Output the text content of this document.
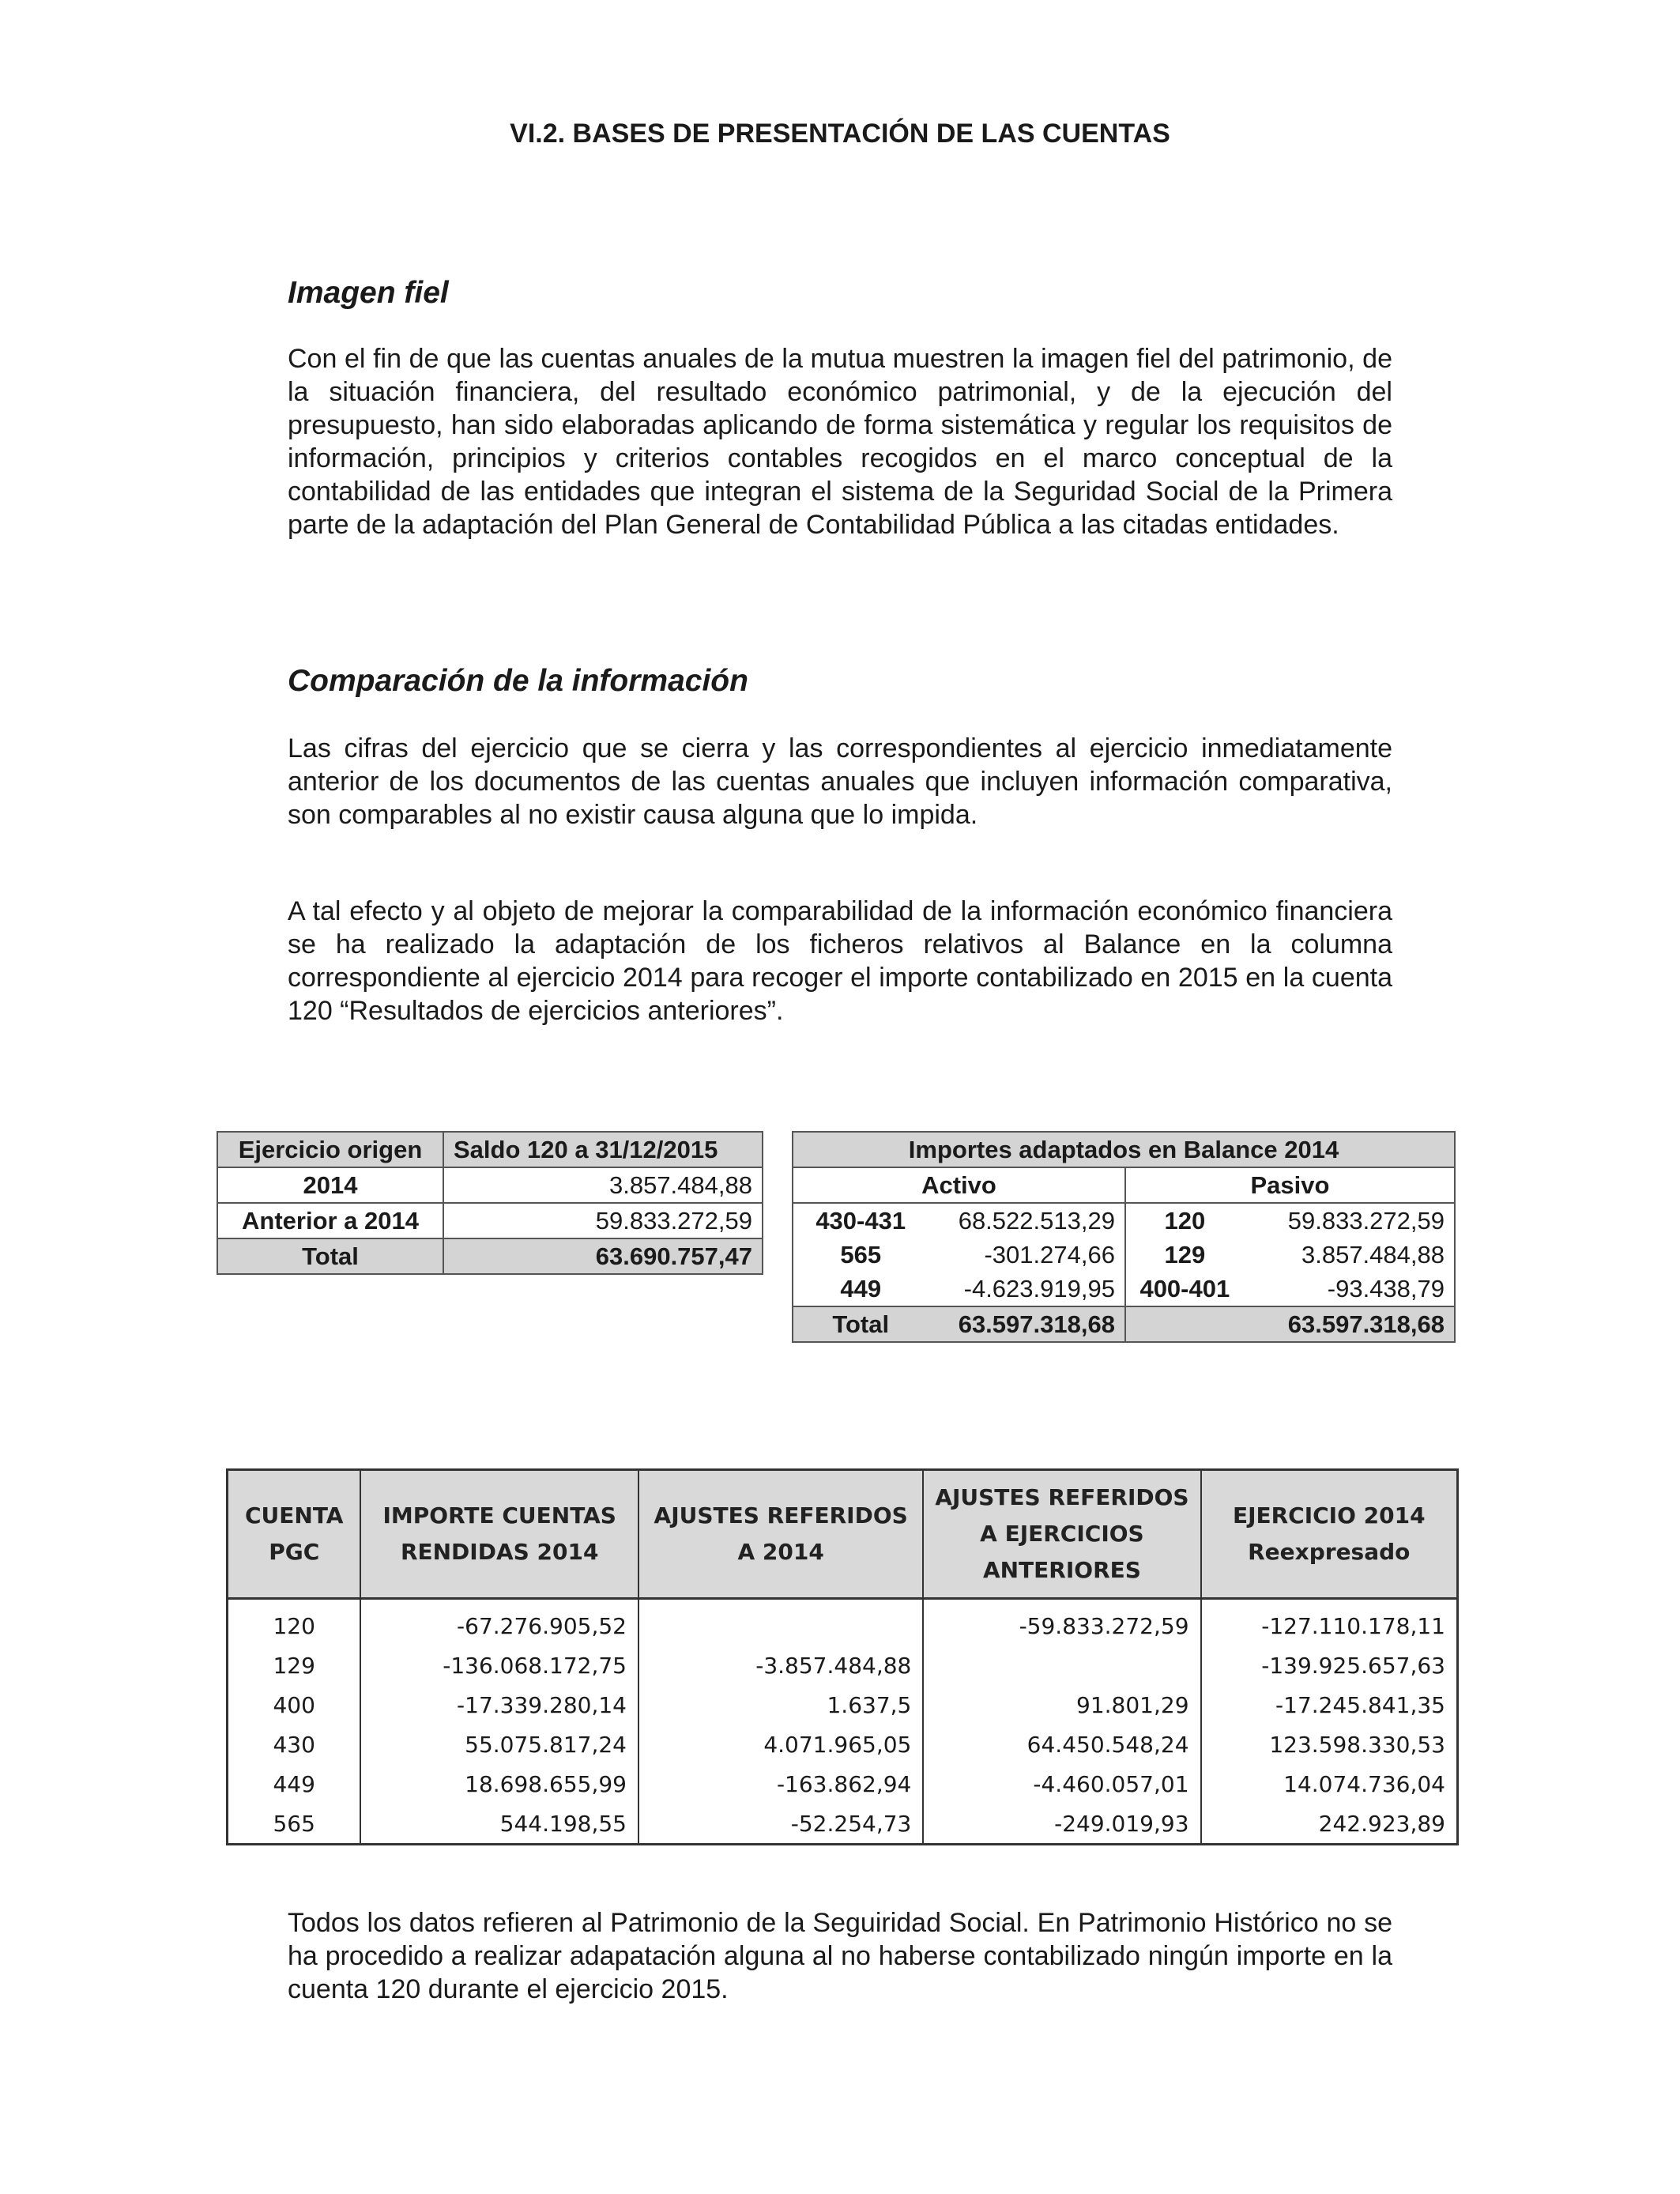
VI.2. BASES DE PRESENTACIÓN DE LAS CUENTAS
Imagen fiel
Con el fin de que las cuentas anuales de la mutua muestren la imagen fiel del patrimonio, de la situación financiera, del resultado económico patrimonial, y de la ejecución del presupuesto, han sido elaboradas aplicando de forma sistemática y regular los requisitos de información, principios y criterios contables recogidos en el marco conceptual de la contabilidad de las entidades que integran el sistema de la Seguridad Social de la Primera parte de la adaptación del Plan General de Contabilidad Pública a las citadas entidades.
Comparación de la información
Las cifras del ejercicio que se cierra y las correspondientes al ejercicio inmediatamente anterior de los documentos de las cuentas anuales que incluyen información comparativa, son comparables al no existir causa alguna que lo impida.
A tal efecto y al objeto de mejorar la comparabilidad de la información económico financiera se ha realizado la adaptación de los ficheros relativos al Balance en la columna correspondiente al ejercicio 2014 para recoger el importe contabilizado en 2015 en la cuenta 120 “Resultados de ejercicios anteriores”.
Ejercicio origen	Saldo 120 a 31/12/2015
2014	3.857.484,88
Anterior a 2014	59.833.272,59
Total	63.690.757,47
Importes adaptados en Balance 2014			
Activo		Pasivo	
430-431	68.522.513,29	120	59.833.272,59
565	-301.274,66	129	3.857.484,88
449	-4.623.919,95	400-401	-93.438,79
Total	63.597.318,68		63.597.318,68
CUENTA PGC	IMPORTE CUENTAS RENDIDAS 2014	AJUSTES REFERIDOS A 2014	AJUSTES REFERIDOS A EJERCICIOS ANTERIORES	EJERCICIO 2014 Reexpresado
120	-67.276.905,52		-59.833.272,59	-127.110.178,11
129	-136.068.172,75	-3.857.484,88		-139.925.657,63
400	-17.339.280,14	1.637,5	91.801,29	-17.245.841,35
430	55.075.817,24	4.071.965,05	64.450.548,24	123.598.330,53
449	18.698.655,99	-163.862,94	-4.460.057,01	14.074.736,04
565	544.198,55	-52.254,73	-249.019,93	242.923,89
Todos los datos refieren al Patrimonio de la Seguiridad Social. En Patrimonio Histórico no se ha procedido a realizar adapatación alguna al no haberse contabilizado ningún importe en la cuenta 120 durante el ejercicio 2015.
